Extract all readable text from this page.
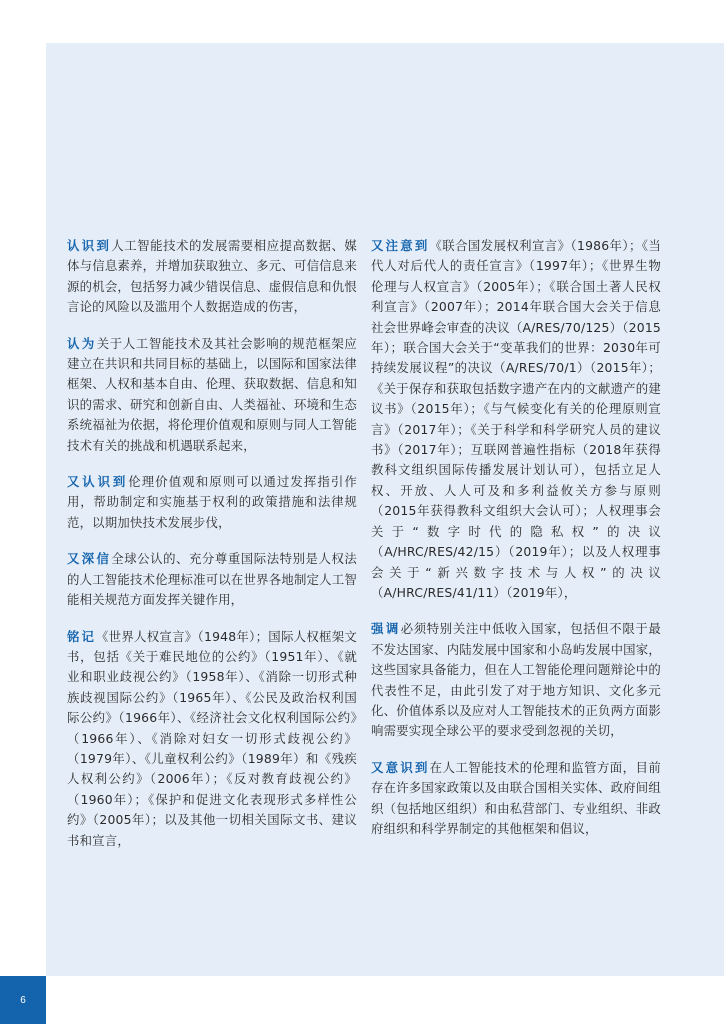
认识到人工智能技术的发展需要相应提高数据、媒体与信息素养，并增加获取独立、多元、可信信息来源的机会，包括努力减少错误信息、虚假信息和仇恨言论的风险以及滥用个人数据造成的伤害，

认为关于人工智能技术及其社会影响的规范框架应建立在共识和共同目标的基础上，以国际和国家法律框架、人权和基本自由、伦理、获取数据、信息和知识的需求、研究和创新自由、人类福祉、环境和生态系统福祉为依据，将伦理价值观和原则与同人工智能技术有关的挑战和机遇联系起来，

又认识到伦理价值观和原则可以通过发挥指引作用，帮助制定和实施基于权利的政策措施和法律规范，以期加快技术发展步伐，

又深信全球公认的、充分尊重国际法特别是人权法的人工智能技术伦理标准可以在世界各地制定人工智能相关规范方面发挥关键作用，

铭记《世界人权宣言》（1948年）；国际人权框架文书，包括《关于难民地位的公约》（1951年）、《就业和职业歧视公约》（1958年）、《消除一切形式种族歧视国际公约》（1965年）、《公民及政治权利国际公约》（1966年）、《经济社会文化权利国际公约》（1966年）、《消除对妇女一切形式歧视公约》（1979年）、《儿童权利公约》（1989年）和《残疾人权利公约》（2006年）；《反对教育歧视公约》（1960年）；《保护和促进文化表现形式多样性公约》（2005年）；以及其他一切相关国际文书、建议书和宣言，

又注意到《联合国发展权利宣言》（1986年）；《当代人对后代人的责任宣言》（1997年）；《世界生物伦理与人权宣言》（2005年）；《联合国土著人民权利宣言》（2007年）；2014年联合国大会关于信息社会世界峰会审查的决议（A/RES/70/125）（2015年）；联合国大会关于“变革我们的世界：2030年可持续发展议程”的决议（A/RES/70/1）（2015年）；《关于保存和获取包括数字遗产在内的文献遗产的建议书》（2015年）；《与气候变化有关的伦理原则宣言》（2017年）；《关于科学和科学研究人员的建议书》（2017年）；互联网普遍性指标（2018年获得教科文组织国际传播发展计划认可），包括立足人权、开放、人人可及和多利益攸关方参与原则（2015年获得教科文组织大会认可）；人权理事会关于“数字时代的隐私权”的决议（A/HRC/RES/42/15）（2019年）；以及人权理事会关于“新兴数字技术与人权”的决议（A/HRC/RES/41/11）（2019年），

强调必须特别关注中低收入国家，包括但不限于最不发达国家、内陆发展中国家和小岛屿发展中国家，这些国家具备能力，但在人工智能伦理问题辩论中的代表性不足，由此引发了对于地方知识、文化多元化、价值体系以及应对人工智能技术的正负两方面影响需要实现全球公平的要求受到忽视的关切，

又意识到在人工智能技术的伦理和监管方面，目前存在许多国家政策以及由联合国相关实体、政府间组织（包括地区组织）和由私营部门、专业组织、非政府组织和科学界制定的其他框架和倡议，

6
